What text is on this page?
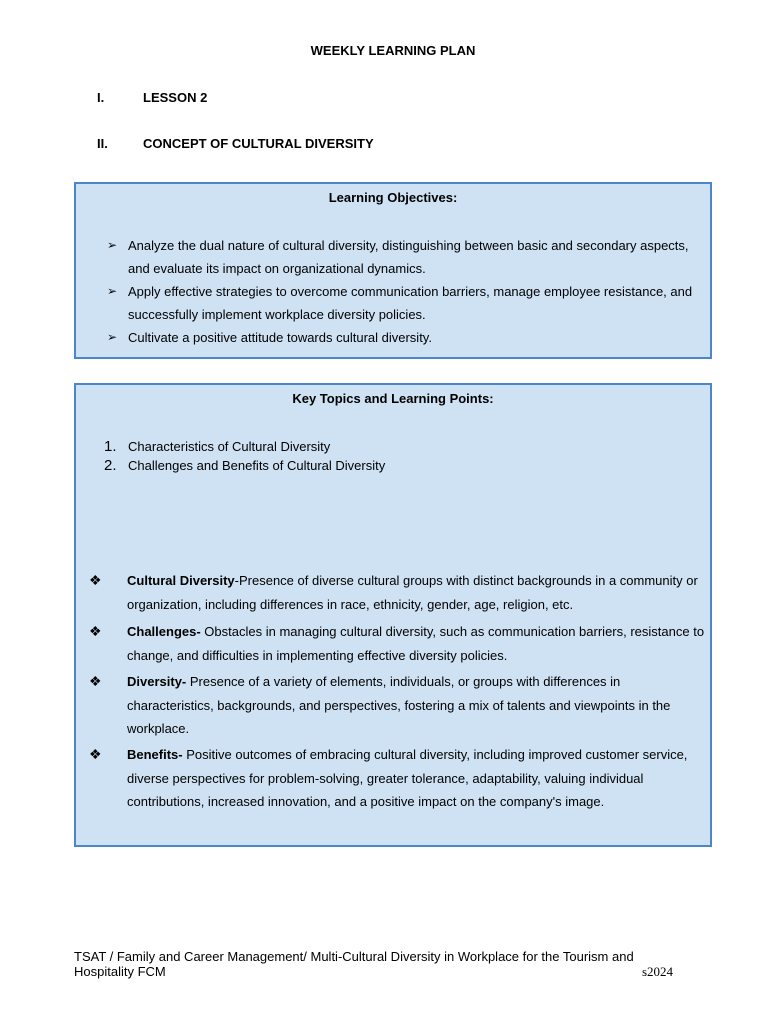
WEEKLY LEARNING PLAN
I.	LESSON 2
II.	CONCEPT OF CULTURAL DIVERSITY
Learning Objectives:
➢ Analyze the dual nature of cultural diversity, distinguishing between basic and secondary aspects, and evaluate its impact on organizational dynamics.
➢ Apply effective strategies to overcome communication barriers, manage employee resistance, and successfully implement workplace diversity policies.
➢ Cultivate a positive attitude towards cultural diversity.
Key Topics and Learning Points:
1. Characteristics of Cultural Diversity
2. Challenges and Benefits of Cultural Diversity
❖ Cultural Diversity-Presence of diverse cultural groups with distinct backgrounds in a community or organization, including differences in race, ethnicity, gender, age, religion, etc.
❖ Challenges- Obstacles in managing cultural diversity, such as communication barriers, resistance to change, and difficulties in implementing effective diversity policies.
❖ Diversity- Presence of a variety of elements, individuals, or groups with differences in characteristics, backgrounds, and perspectives, fostering a mix of talents and viewpoints in the workplace.
❖ Benefits- Positive outcomes of embracing cultural diversity, including improved customer service, diverse perspectives for problem-solving, greater tolerance, adaptability, valuing individual contributions, increased innovation, and a positive impact on the company's image.
TSAT / Family and Career Management/ Multi-Cultural Diversity in Workplace for the Tourism and Hospitality FCM	s2024
